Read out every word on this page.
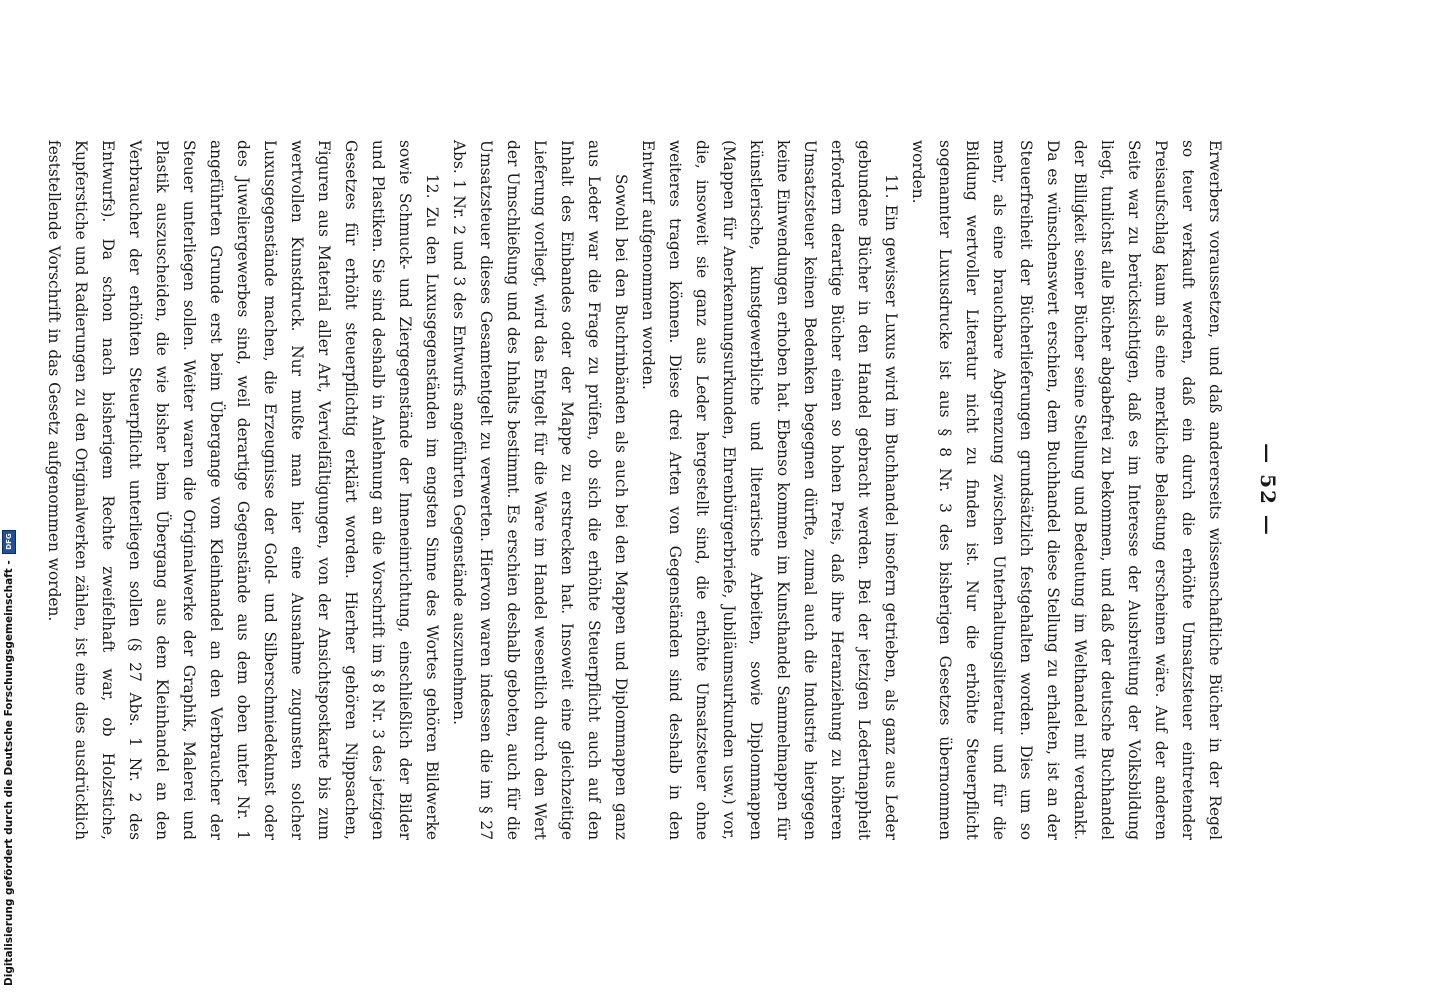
— 52 —

Erwerbers voraussetzen, und daß andererseits wissenschaftliche Bücher in der Regel so teuer verkauft werden, daß ein durch die erhöhte Umsatzsteuer eintretender Preisaufschlag kaum als eine merkliche Belastung erscheinen wäre. Auf der anderen Seite war zu berücksichtigen, daß es im Interesse der Ausbreitung der Volksbildung liegt, tunlichst alle Bücher abgabefrei zu bekommen, und daß der deutsche Buchhandel der Billigkeit seiner Bücher seine Stellung und Bedeutung im Welthandel mit verdankt. Da es wünschenswert erschien, dem Buchhandel diese Stellung zu erhalten, ist an der Steuerfreiheit der Bücherlieferungen grundsätzlich festgehalten worden. Dies um so mehr, als eine brauchbare Abgrenzung zwischen Unterhaltungsliteratur und für die Bildung wertvoller Literatur nicht zu finden ist. Nur die erhöhte Steuerpflicht sogenannter Luxusdrucke ist aus § 8 Nr. 3 des bisherigen Gesetzes übernommen worden.

11. Ein gewisser Luxus wird im Buchhandel insofern getrieben, als ganz aus Leder gebundene Bücher in den Handel gebracht werden. Bei der jetzigen Ledertnappheit erfordern derartige Bücher einen so hohen Preis, daß ihre Heranziehung zu höheren Umsatzsteuer keinen Bedenken begegnen dürfte, zumal auch die Industrie hiergegen keine Einwendungen erhoben hat. Ebenso kommen im Kunsthandel Sammelmappen für künstlerische, kunstgewerbliche und literarische Arbeiten, sowie Diplommappen (Mappen für Anerkennungsurkunden, Ehrenbürgerbriefe, Jubiläumsurkunden usw.) vor, die, insoweit sie ganz aus Leder hergestellt sind, die erhöhte Umsatzsteuer ohne weiteres tragen können. Diese drei Arten von Gegenständen sind deshalb in den Entwurf aufgenommen worden.

Sowohl bei den Buchrinbänden als auch bei den Mappen und Diplommappen ganz aus Leder war die Frage zu prüfen, ob sich die erhöhte Steuerpflicht auch auf den Inhalt des Einbandes oder der Mappe zu erstrecken hat. Insoweit eine gleichzeitige Lieferung vorliegt, wird das Entgelt für die Ware im Handel wesentlich durch den Wert der Umschließung und des Inhalts bestimmt. Es erschien deshalb geboten, auch für die Umsatzsteuer dieses Gesamtentgelt zu verwerten. Hiervon waren indessen die im § 27 Abs. 1 Nr. 2 und 3 des Entwurfs angeführten Gegenstände auszunehmen.

12. Zu den Luxusgegenständen im engsten Sinne des Wortes gehören Bildwerke sowie Schmuck- und Ziergegenstände der Inneneinrichtung, einschließlich der Bilder und Plastiken. Sie sind deshalb in Anlehnung an die Vorschrift im § 8 Nr. 3 des jetzigen Gesetzes für erhöht steuerpflichtig erklärt worden. Hierher gehören Nippsachen, Figuren aus Material aller Art, Vervielfältigungen, von der Ansichtspostkarte bis zum wertvollen Kunstdruck. Nur mußte man hier eine Ausnahme zugunsten solcher Luxusgegenstände machen, die Erzeugnisse der Gold- und Silberschmiedekunst oder des Juweliergewerbes sind, weil derartige Gegenstände aus dem oben unter Nr. 1 angeführten Grunde erst beim Übergange vom Kleinhandel an den Verbraucher der Steuer unterliegen sollen. Weiter waren die Originalwerke der Graphik, Malerei und Plastik auszuscheiden, die wie bisher beim Übergang aus dem Kleinhandel an den Verbraucher der erhöhten Steuerpflicht unterliegen sollen (§ 27 Abs. 1 Nr. 2 des Entwurfs). Da schon nach bisherigem Rechte zweifelhaft war, ob Holzstiche, Kupferstiche und Radierungen zu den Originalwerken zählen, ist eine dies ausdrücklich feststellende Vorschrift in das Gesetz aufgenommen worden.

Digitalisierung gefördert durch die Deutsche Forschungsgemeinschaft - DFG
